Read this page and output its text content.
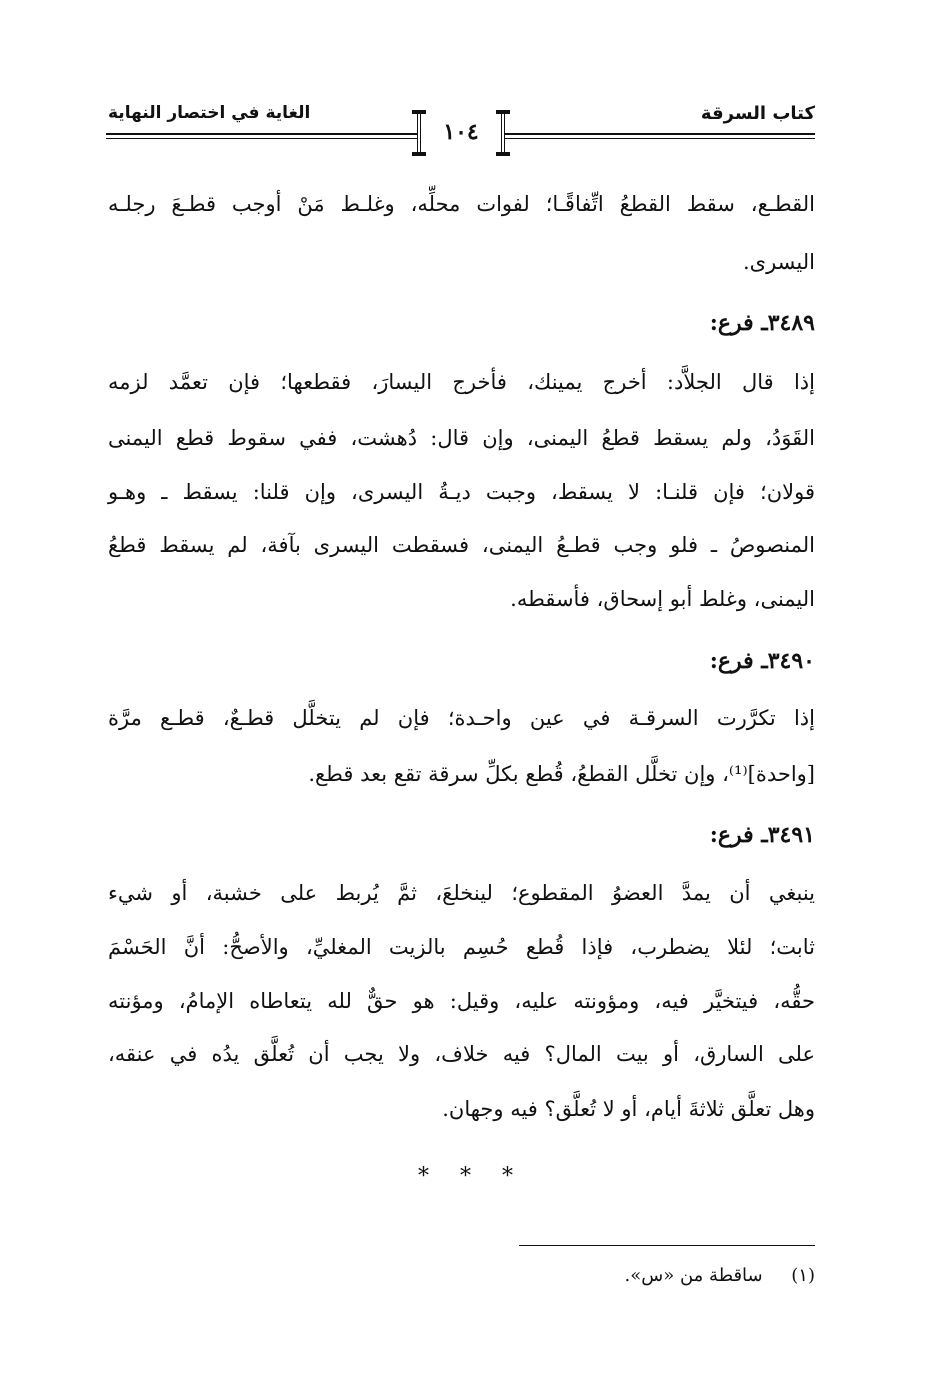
كتاب السرقة
الغاية في اختصار النهاية
١٠٤
القطـع، سقط القطعُ اتِّفاقًـا؛ لفوات محلِّه، وغلـط مَنْ أوجب قطـعَ رجلـه
اليسرى.
٣٤٨٩ـ فرع:
إذا قال الجلاَّد: أخرج يمينك، فأخرج اليسارَ، فقطعها؛ فإن تعمَّد لزمه
القَوَدُ، ولم يسقط قطعُ اليمنى، وإن قال: دُهشت، ففي سقوط قطع اليمنى
قولان؛ فإن قلنـا: لا يسقط، وجبت ديـةُ اليسرى، وإن قلنا: يسقط ـ وهـو
المنصوصُ ـ فلو وجب قطـعُ اليمنى، فسقطت اليسرى بآفة، لم يسقط قطعُ
اليمنى، وغلط أبو إسحاق، فأسقطه.
٣٤٩٠ـ فرع:
إذا تكرَّرت السرقـة في عين واحـدة؛ فإن لم يتخلَّل قطـعٌ، قطـع مرَّة
[واحدة]⁽¹⁾، وإن تخلَّل القطعُ، قُطع بكلِّ سرقة تقع بعد قطع.
٣٤٩١ـ فرع:
ينبغي أن يمدَّ العضوُ المقطوع؛ لينخلعَ، ثمَّ يُربط على خشبة، أو شيء
ثابت؛ لئلا يضطرب، فإذا قُطع حُسِم بالزيت المغليِّ، والأصحُّ: أنَّ الحَسْمَ
حقُّه، فيتخيَّر فيه، ومؤونته عليه، وقيل: هو حقٌّ لله يتعاطاه الإمامُ، ومؤنته
على السارق، أو بيت المال؟ فيه خلاف، ولا يجب أن تُعلَّق يدُه في عنقه،
وهل تعلَّق ثلاثةَ أيام، أو لا تُعلَّق؟ فيه وجهان.
* * *
(١)     ساقطة من «س».
